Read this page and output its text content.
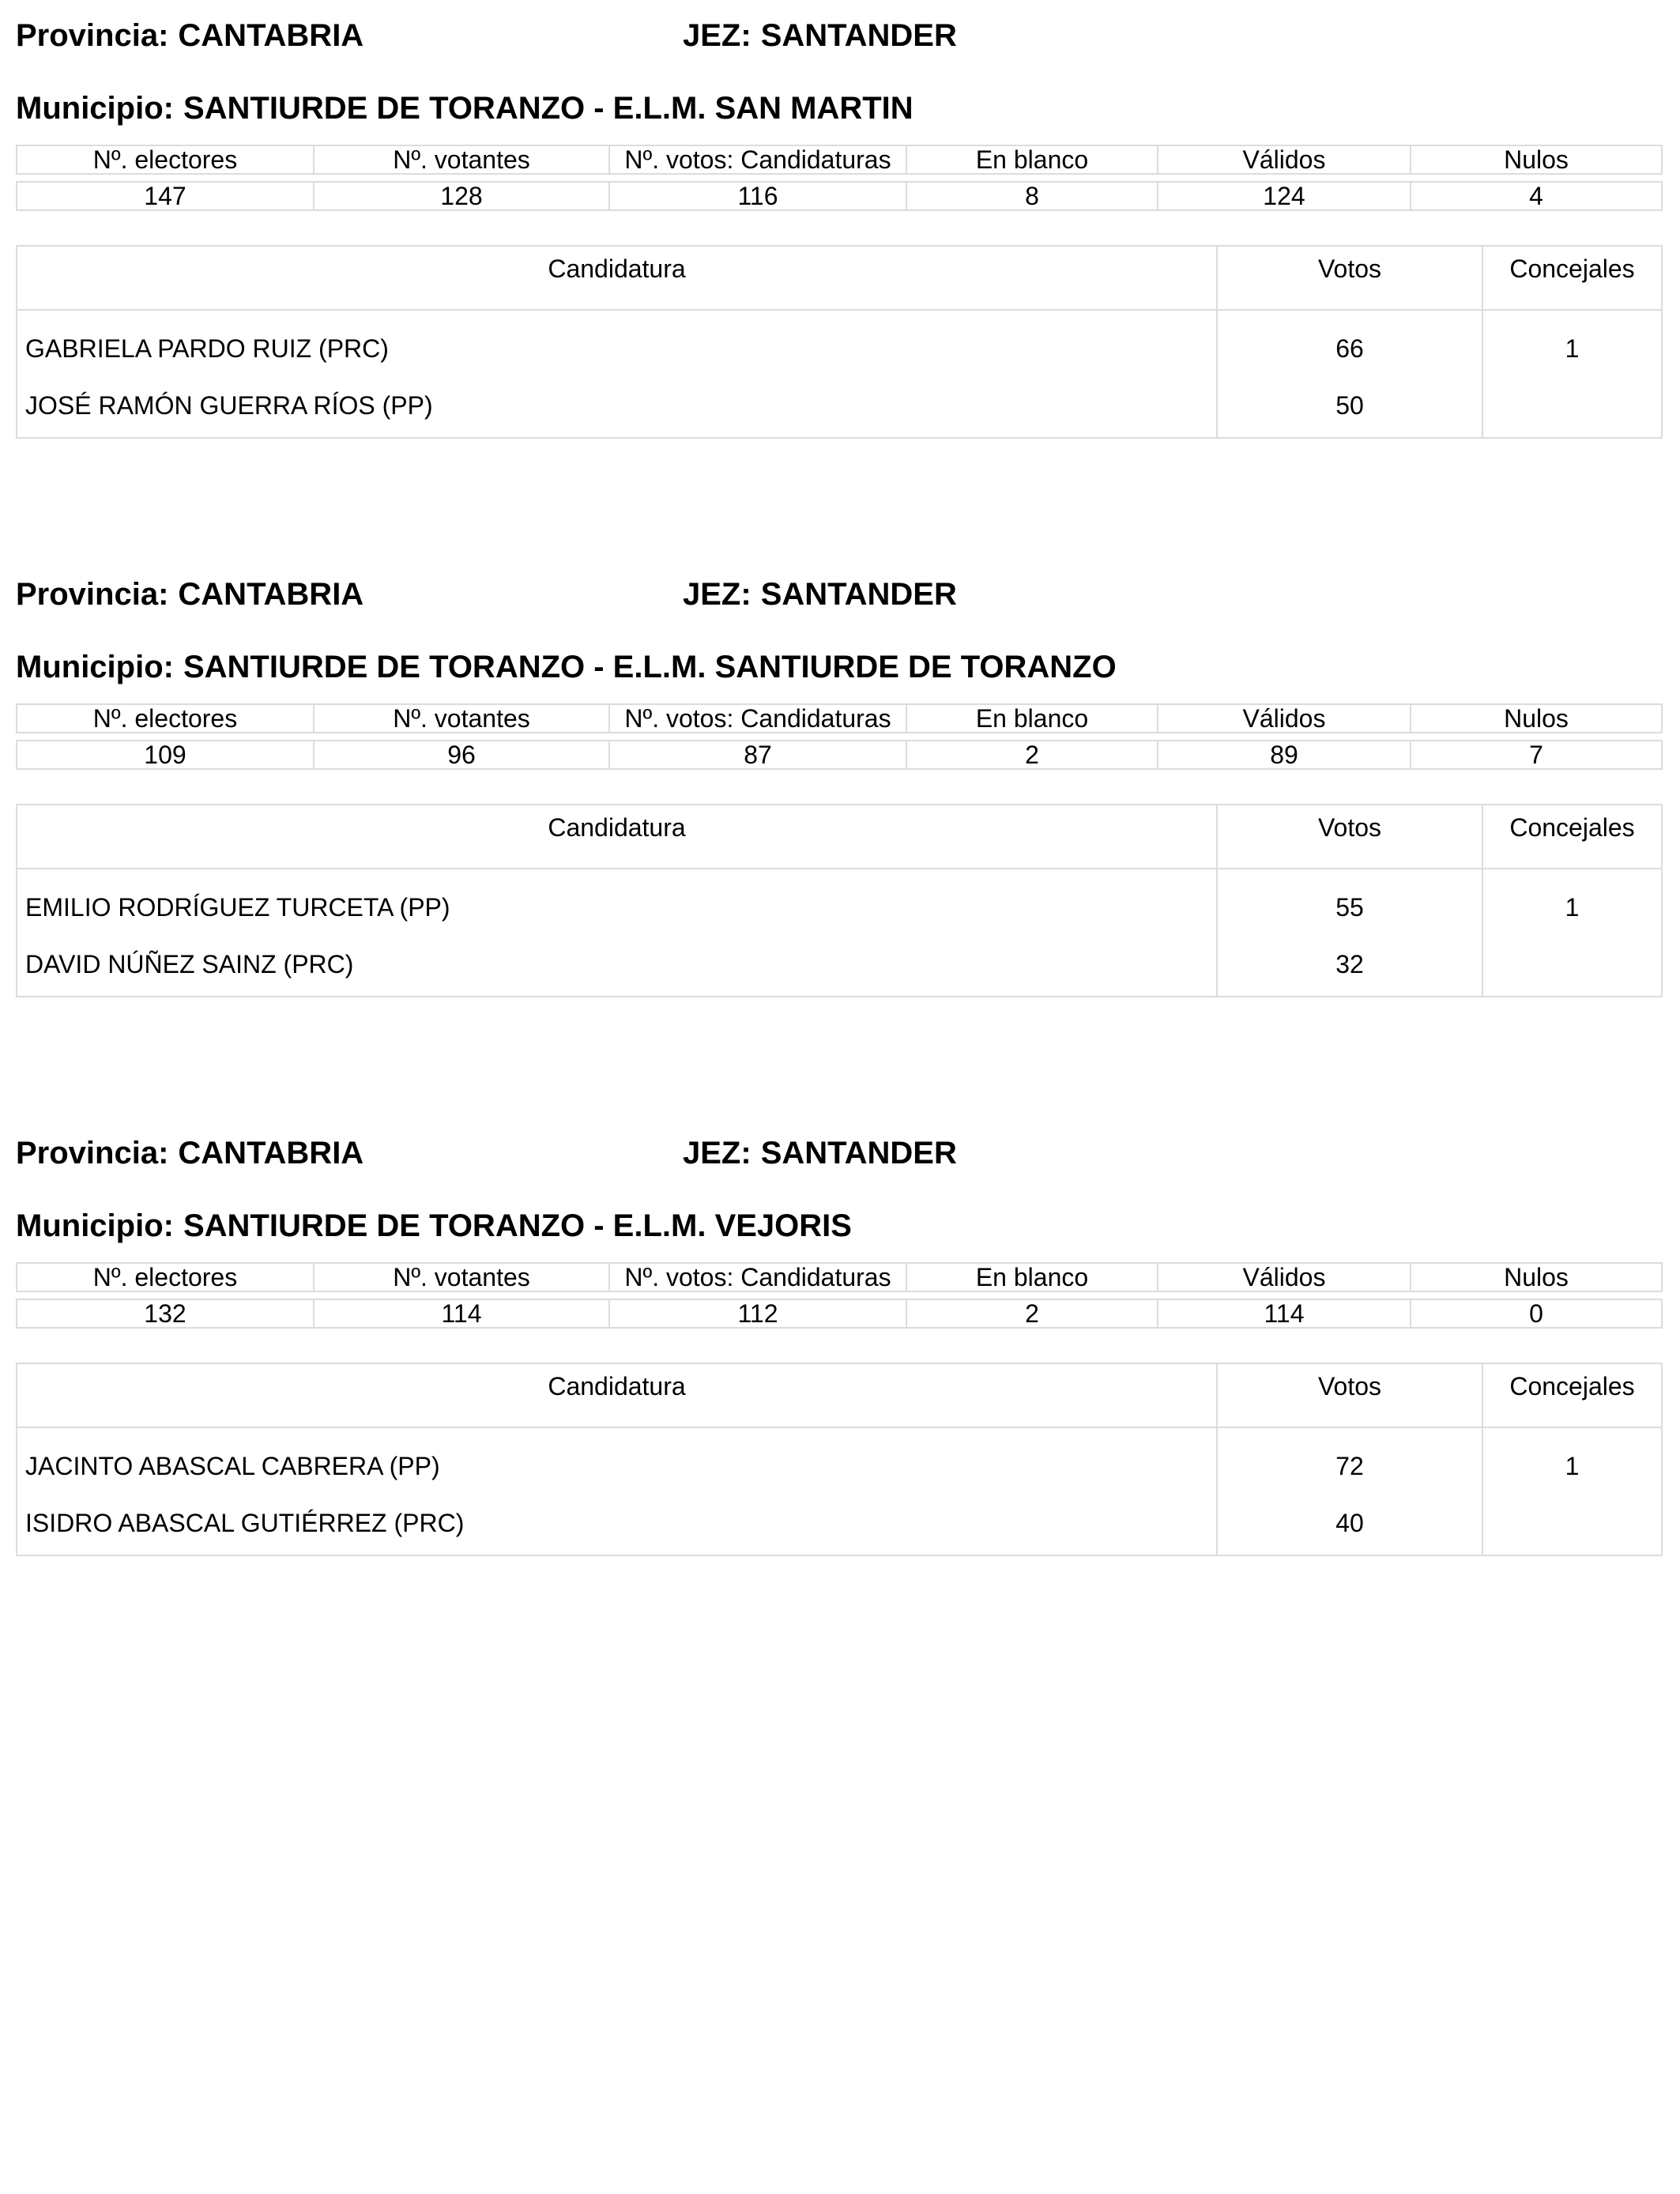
Provincia: CANTABRIA	JEZ: SANTANDER
Municipio: SANTIURDE DE TORANZO - E.L.M. SAN MARTIN
Nº. electores	Nº. votantes	Nº. votos: Candidaturas	En blanco	Válidos	Nulos

147	128	116	8	124	4
Candidatura	Votos	Concejales
GABRIELA PARDO RUIZ (PRC)	66	1
JOSÉ RAMÓN GUERRA RÍOS (PP)	50	
Provincia: CANTABRIA	JEZ: SANTANDER
Municipio: SANTIURDE DE TORANZO - E.L.M. SANTIURDE DE TORANZO
Nº. electores	Nº. votantes	Nº. votos: Candidaturas	En blanco	Válidos	Nulos

109	96	87	2	89	7
Candidatura	Votos	Concejales
EMILIO RODRÍGUEZ TURCETA (PP)	55	1
DAVID NÚÑEZ SAINZ (PRC)	32	
Provincia: CANTABRIA	JEZ: SANTANDER
Municipio: SANTIURDE DE TORANZO - E.L.M. VEJORIS
Nº. electores	Nº. votantes	Nº. votos: Candidaturas	En blanco	Válidos	Nulos

132	114	112	2	114	0
Candidatura	Votos	Concejales
JACINTO ABASCAL CABRERA (PP)	72	1
ISIDRO ABASCAL GUTIÉRREZ (PRC)	40	
